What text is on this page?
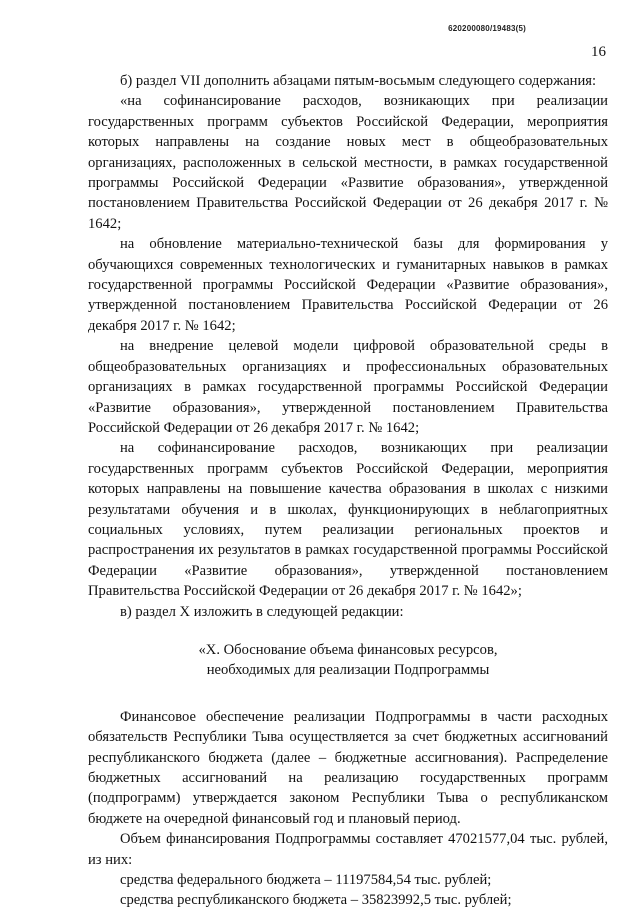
620200080/19483(5)
16

б) раздел VII дополнить абзацами пятым-восьмым следующего содержания:

«на софинансирование расходов, возникающих при реализации государственных программ субъектов Российской Федерации, мероприятия которых направлены на создание новых мест в общеобразовательных организациях, расположенных в сельской местности, в рамках государственной программы Российской Федерации «Развитие образования», утвержденной постановлением Правительства Российской Федерации от 26 декабря 2017 г. № 1642;

на обновление материально-технической базы для формирования у обучающихся современных технологических и гуманитарных навыков в рамках государственной программы Российской Федерации «Развитие образования», утвержденной постановлением Правительства Российской Федерации от 26 декабря 2017 г. № 1642;

на внедрение целевой модели цифровой образовательной среды в общеобразовательных организациях и профессиональных образовательных организациях в рамках государственной программы Российской Федерации «Развитие образования», утвержденной постановлением Правительства Российской Федерации от 26 декабря 2017 г. № 1642;

на софинансирование расходов, возникающих при реализации государственных программ субъектов Российской Федерации, мероприятия которых направлены на повышение качества образования в школах с низкими результатами обучения и в школах, функционирующих в неблагоприятных социальных условиях, путем реализации региональных проектов и распространения их результатов в рамках государственной программы Российской Федерации «Развитие образования», утвержденной постановлением Правительства Российской Федерации от 26 декабря 2017 г. № 1642»;

в) раздел X изложить в следующей редакции:

«X. Обоснование объема финансовых ресурсов,
необходимых для реализации Подпрограммы

Финансовое обеспечение реализации Подпрограммы в части расходных обязательств Республики Тыва осуществляется за счет бюджетных ассигнований республиканского бюджета (далее – бюджетные ассигнования). Распределение бюджетных ассигнований на реализацию государственных программ (подпрограмм) утверждается законом Республики Тыва о республиканском бюджете на очередной финансовый год и плановый период.

Объем финансирования Подпрограммы составляет 47021577,04 тыс. рублей, из них:

средства федерального бюджета – 11197584,54 тыс. рублей;

средства республиканского бюджета – 35823992,5 тыс. рублей;
